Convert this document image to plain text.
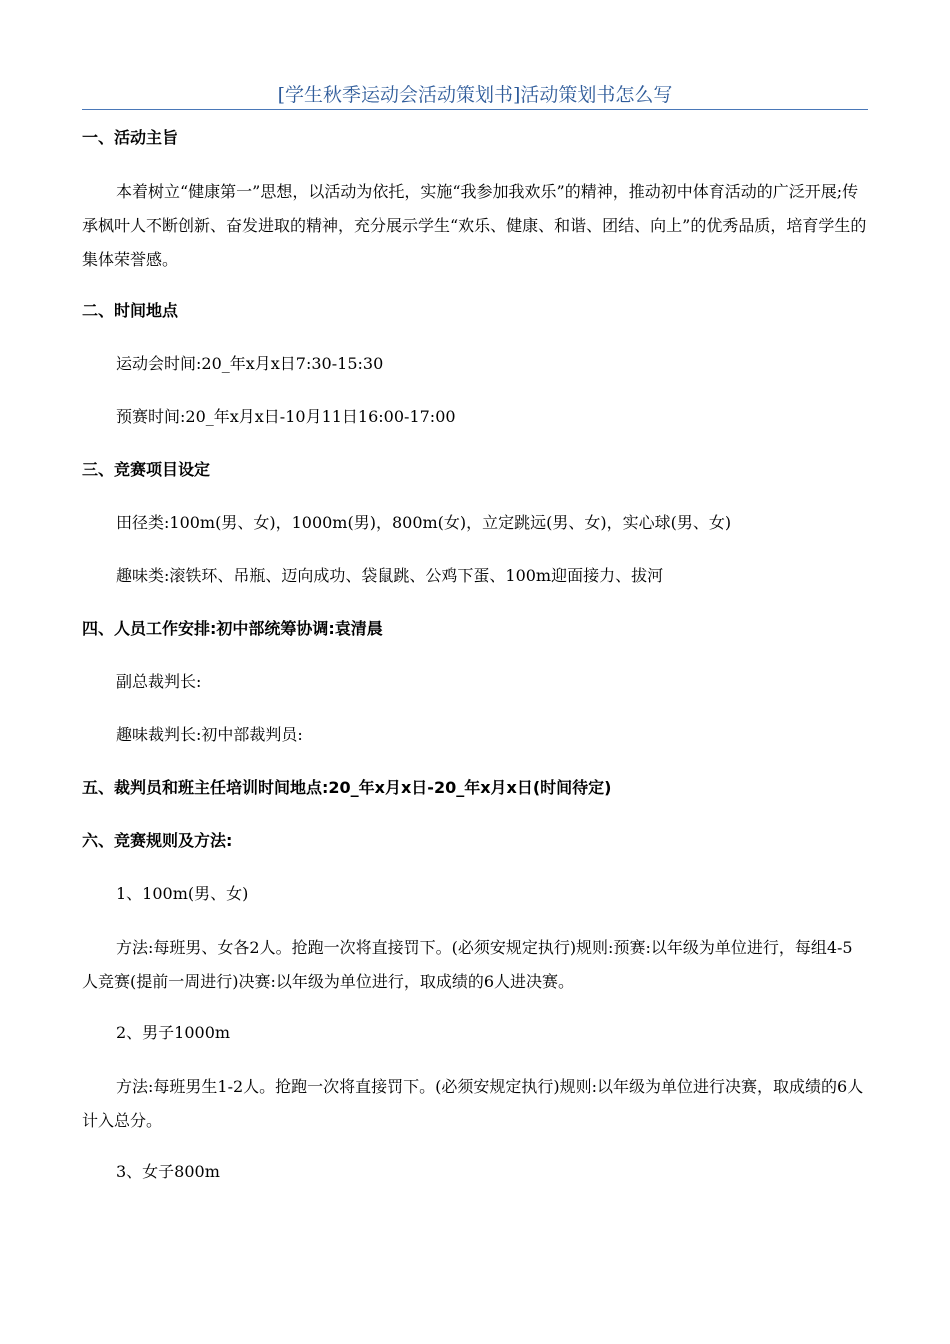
[学生秋季运动会活动策划书]活动策划书怎么写
一、活动主旨
本着树立“健康第一”思想，以活动为依托，实施“我参加我欢乐”的精神，推动初中体育活动的广泛开展;传承枫叶人不断创新、奋发进取的精神，充分展示学生“欢乐、健康、和谐、团结、向上”的优秀品质，培育学生的集体荣誉感。
二、时间地点
运动会时间:20_年x月x日7:30-15:30
预赛时间:20_年x月x日-10月11日16:00-17:00
三、竞赛项目设定
田径类:100m(男、女)，1000m(男)，800m(女)，立定跳远(男、女)，实心球(男、女)
趣味类:滚铁环、吊瓶、迈向成功、袋鼠跳、公鸡下蛋、100m迎面接力、拔河
四、人员工作安排:初中部统筹协调:袁清晨
副总裁判长:
趣味裁判长:初中部裁判员:
五、裁判员和班主任培训时间地点:20_年x月x日-20_年x月x日(时间待定)
六、竞赛规则及方法:
1、100m(男、女)
方法:每班男、女各2人。抢跑一次将直接罚下。(必须安规定执行)规则:预赛:以年级为单位进行，每组4-5人竞赛(提前一周进行)决赛:以年级为单位进行，取成绩的6人进决赛。
2、男子1000m
方法:每班男生1-2人。抢跑一次将直接罚下。(必须安规定执行)规则:以年级为单位进行决赛，取成绩的6人计入总分。
3、女子800m
